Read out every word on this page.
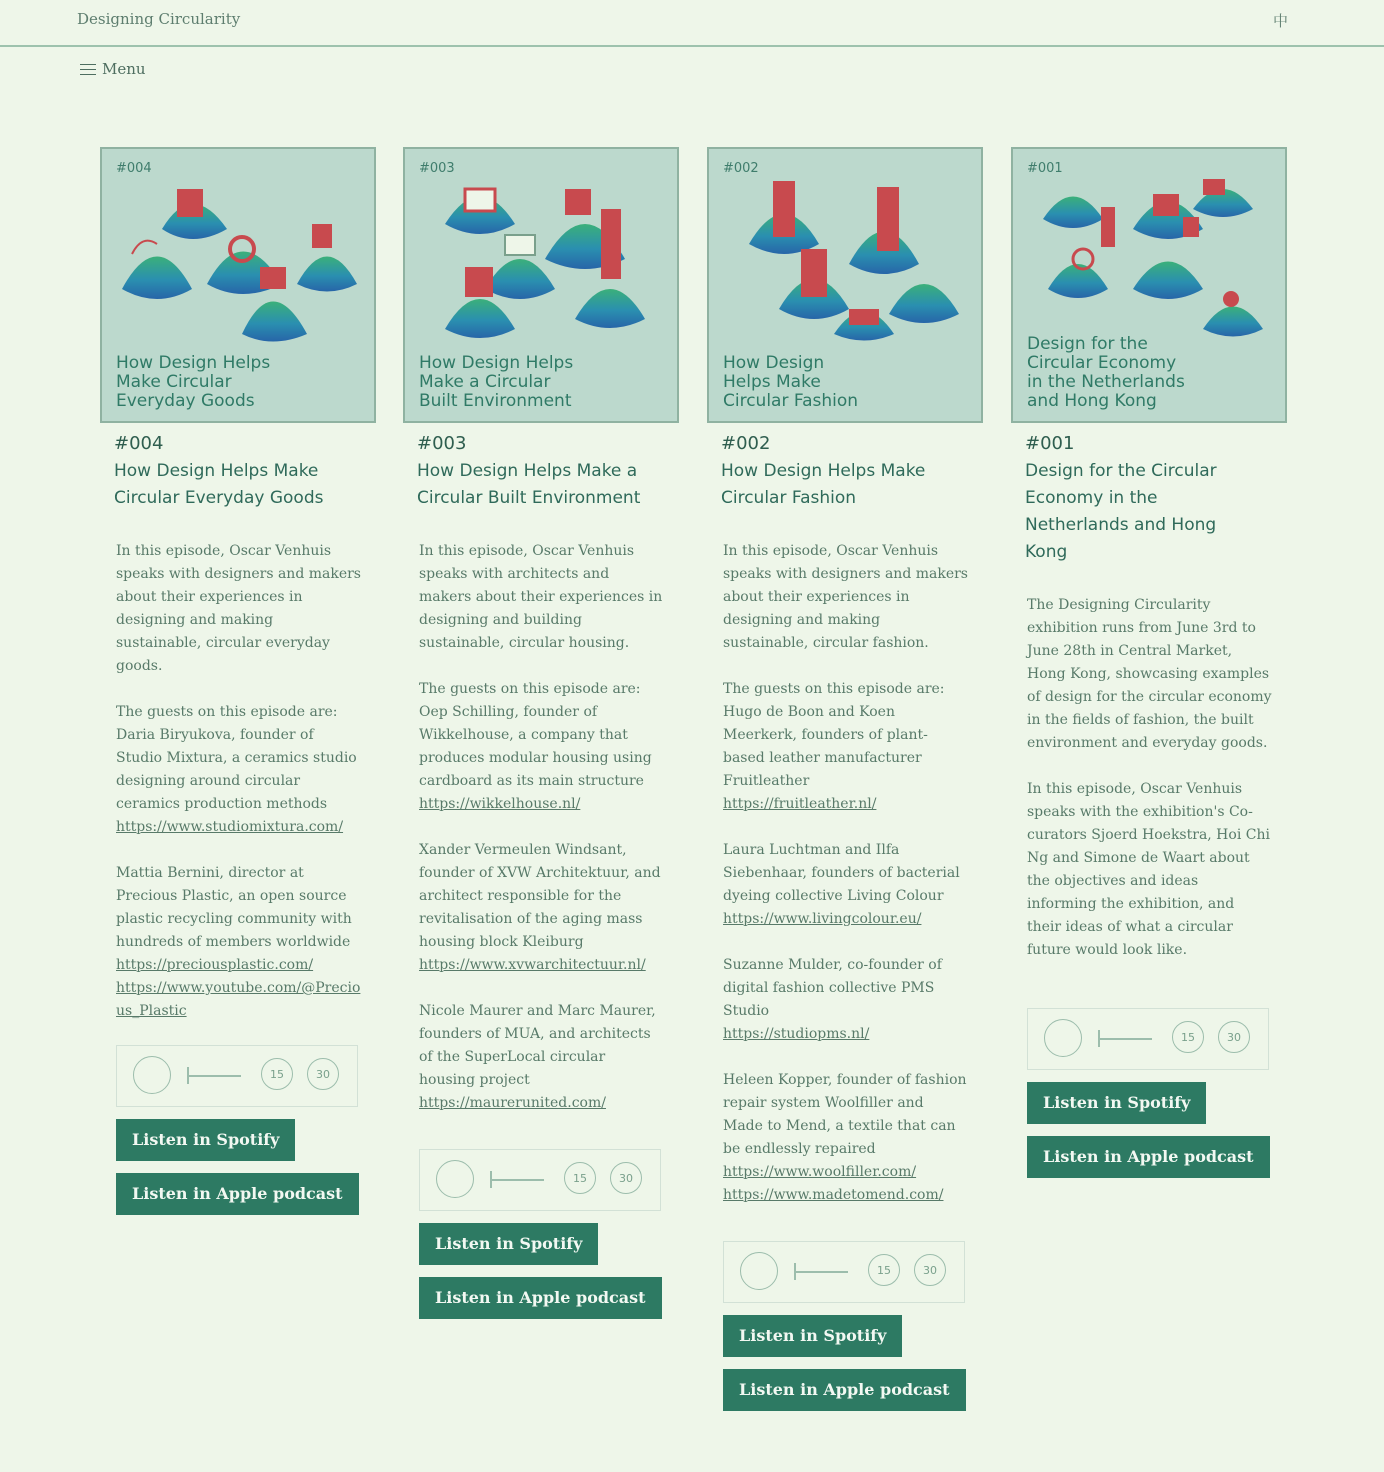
Designing Circularity	中
Menu
#004
How Design Helps Make Circular Everyday Goods
#004
How Design Helps Make Circular Everyday Goods

In this episode, Oscar Venhuis speaks with designers and makers about their experiences in designing and making sustainable, circular everyday goods.

The guests on this episode are: Daria Biryukova, founder of Studio Mixtura, a ceramics studio designing around circular ceramics production methods

https://www.studiomixtura.com/

Mattia Bernini, director at Precious Plastic, an open source plastic recycling community with hundreds of members worldwide

https://preciousplastic.com/
https://www.youtube.com/@Precious_Plastic
15	30
Listen in Spotify
Listen in Apple podcast
#003
How Design Helps Make a Circular Built Environment
#003
How Design Helps Make a Circular Built Environment

In this episode, Oscar Venhuis speaks with architects and makers about their experiences in designing and building sustainable, circular housing.

The guests on this episode are: Oep Schilling, founder of Wikkelhouse, a company that produces modular housing using cardboard as its main structure

https://wikkelhouse.nl/

Xander Vermeulen Windsant, founder of XVW Architektuur, and architect responsible for the revitalisation of the aging mass housing block Kleiburg

https://www.xvwarchitectuur.nl/

Nicole Maurer and Marc Maurer, founders of MUA, and architects of the SuperLocal circular housing project

https://maurerunited.com/
15	30
Listen in Spotify
Listen in Apple podcast
#002
How Design Helps Make Circular Fashion
#002
How Design Helps Make Circular Fashion

In this episode, Oscar Venhuis speaks with designers and makers about their experiences in designing and making sustainable, circular fashion.

The guests on this episode are: Hugo de Boon and Koen Meerkerk, founders of plant-based leather manufacturer Fruitleather

https://fruitleather.nl/

Laura Luchtman and Ilfa Siebenhaar, founders of bacterial dyeing collective Living Colour

https://www.livingcolour.eu/

Suzanne Mulder, co-founder of digital fashion collective PMS Studio

https://studiopms.nl/

Heleen Kopper, founder of fashion repair system Woolfiller and Made to Mend, a textile that can be endlessly repaired

https://www.woolfiller.com/
https://www.madetomend.com/
15	30
Listen in Spotify
Listen in Apple podcast
#001
Design for the Circular Economy in the Netherlands and Hong Kong
#001
Design for the Circular Economy in the Netherlands and Hong Kong

The Designing Circularity exhibition runs from June 3rd to June 28th in Central Market, Hong Kong, showcasing examples of design for the circular economy in the fields of fashion, the built environment and everyday goods.

In this episode, Oscar Venhuis speaks with the exhibition's Co-curators Sjoerd Hoekstra, Hoi Chi Ng and Simone de Waart about the objectives and ideas informing the exhibition, and their ideas of what a circular future would look like.

15	30
Listen in Spotify
Listen in Apple podcast
